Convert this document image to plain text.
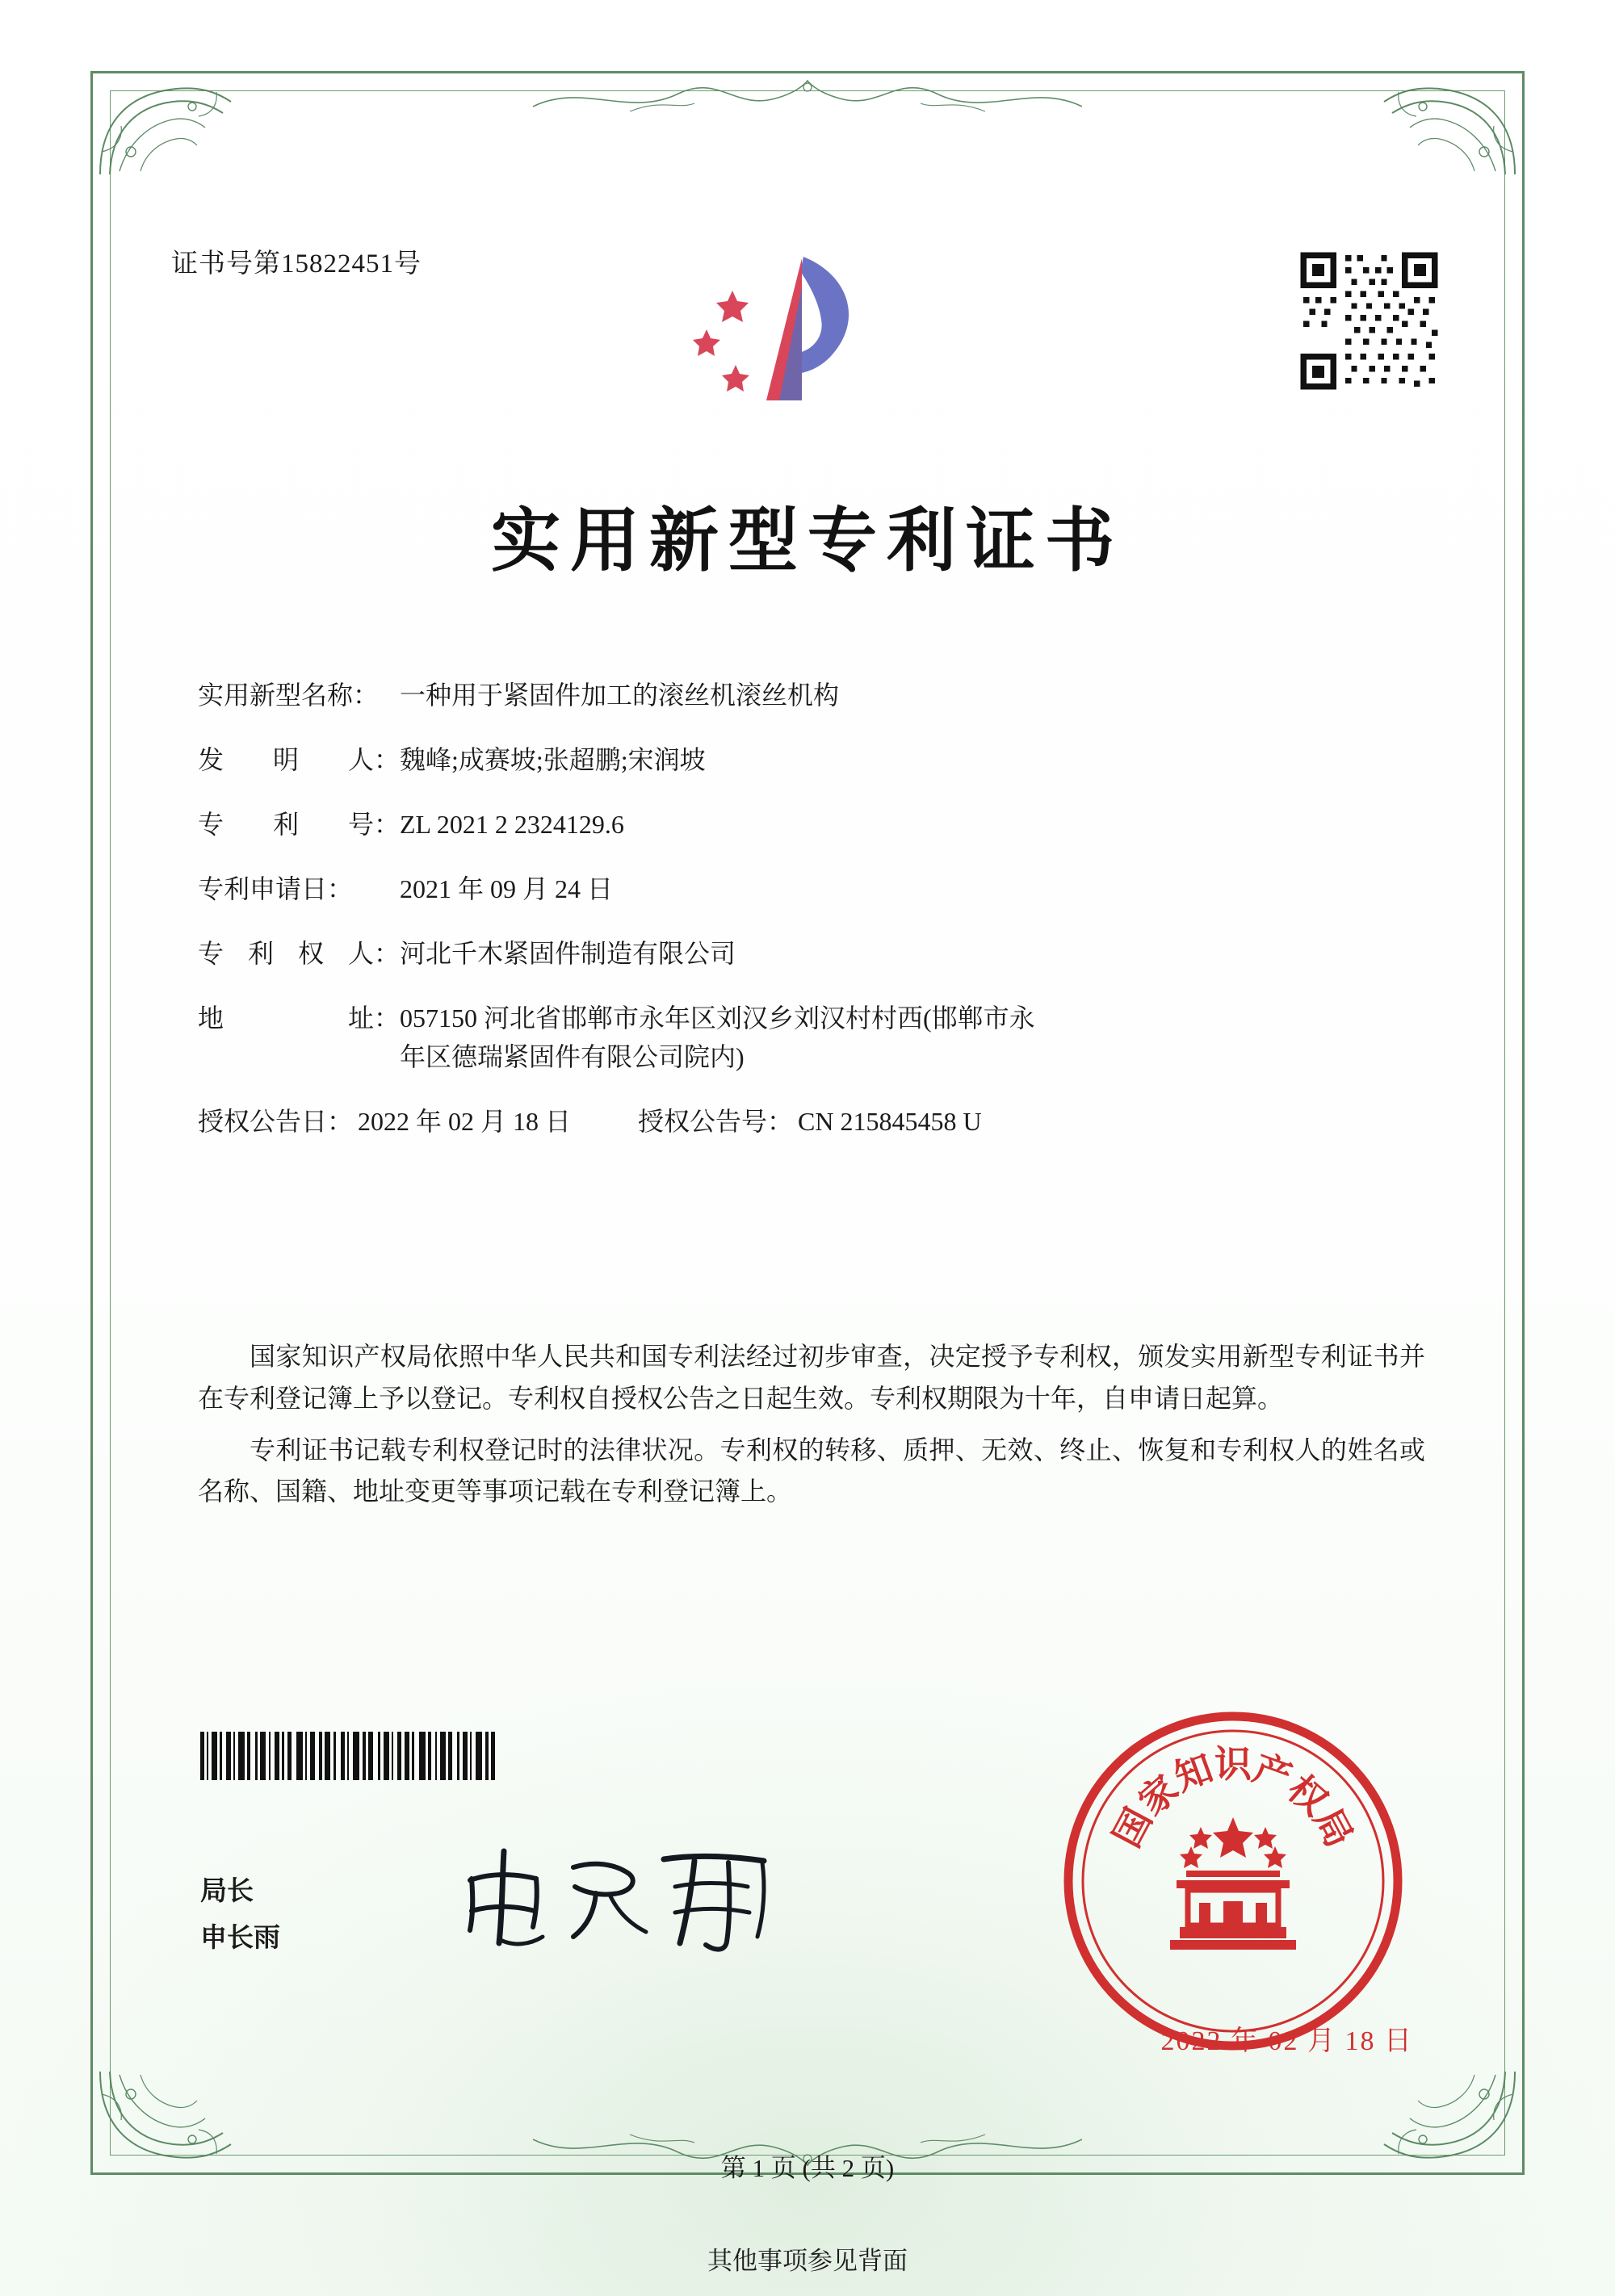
证书号第15822451号
实用新型专利证书
实用新型名称： 一种用于紧固件加工的滚丝机滚丝机构
发 明 人： 魏峰;成赛坡;张超鹏;宋润坡
专 利 号： ZL 2021 2 2324129.6
专利申请日：	2021 年 09 月 24 日
专 利 权 人： 河北千木紧固件制造有限公司
地	址： 057150 河北省邯郸市永年区刘汉乡刘汉村村西(邯郸市永
年区德瑞紧固件有限公司院内)
授权公告日： 2022 年 02 月 18 日	授权公告号： CN 215845458 U

国家知识产权局依照中华人民共和国专利法经过初步审查，决定授予专利权，颁发实用新型专利证书并在专利登记簿上予以登记。专利权自授权公告之日起生效。专利权期限为十年，自申请日起算。

专利证书记载专利权登记时的法律状况。专利权的转移、质押、无效、终止、恢复和专利权人的姓名或名称、国籍、地址变更等事项记载在专利登记簿上。

局长
申长雨
国
家
知
识
产
权
局
2022 年 02 月 18 日
第 1 页 (共 2 页)
其他事项参见背面
